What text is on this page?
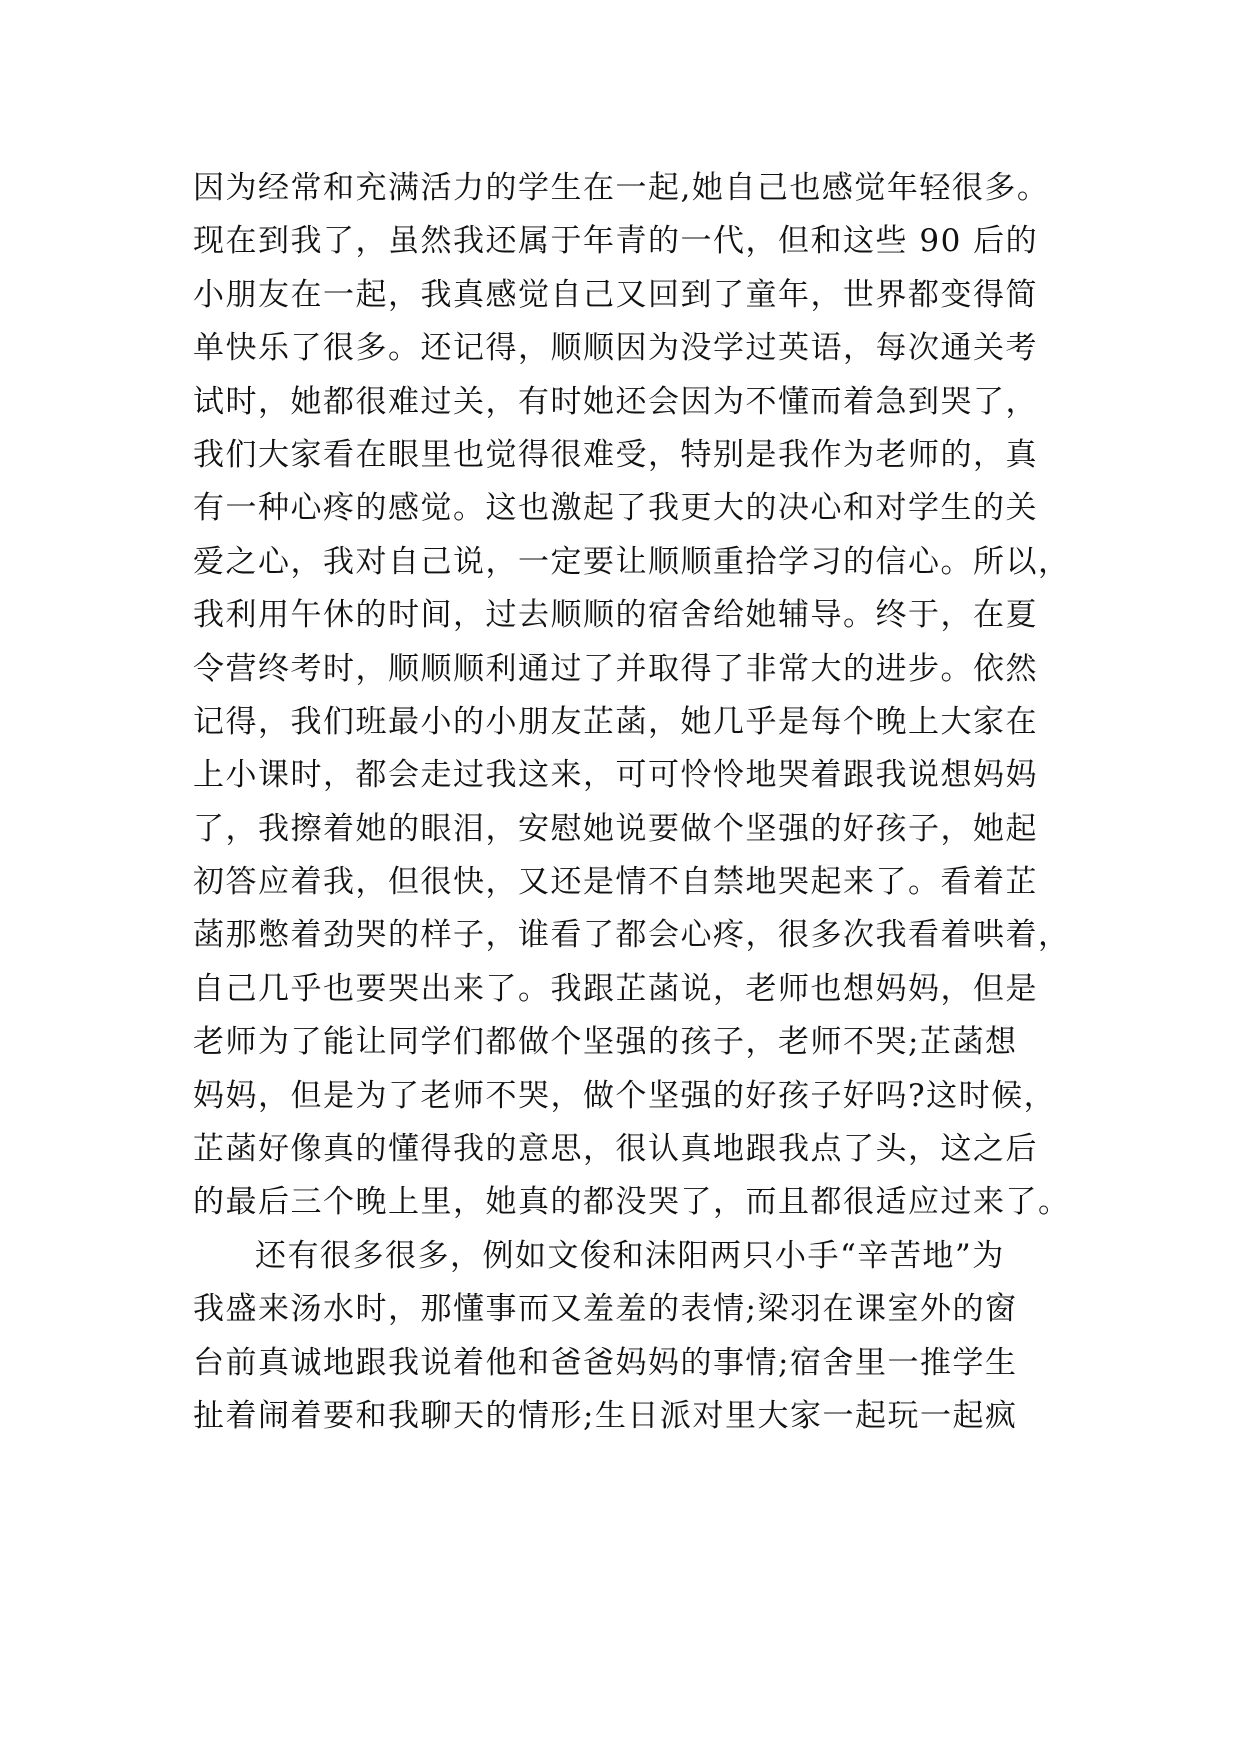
因为经常和充满活力的学生在一起,她自己也感觉年轻很多。
现在到我了，虽然我还属于年青的一代，但和这些 90 后的
小朋友在一起，我真感觉自己又回到了童年，世界都变得简
单快乐了很多。还记得，顺顺因为没学过英语，每次通关考
试时，她都很难过关，有时她还会因为不懂而着急到哭了，
我们大家看在眼里也觉得很难受，特别是我作为老师的，真
有一种心疼的感觉。这也激起了我更大的决心和对学生的关
爱之心，我对自己说，一定要让顺顺重拾学习的信心。所以，
我利用午休的时间，过去顺顺的宿舍给她辅导。终于，在夏
令营终考时，顺顺顺利通过了并取得了非常大的进步。依然
记得，我们班最小的小朋友芷菡，她几乎是每个晚上大家在
上小课时，都会走过我这来，可可怜怜地哭着跟我说想妈妈
了，我擦着她的眼泪，安慰她说要做个坚强的好孩子，她起
初答应着我，但很快，又还是情不自禁地哭起来了。看着芷
菡那憋着劲哭的样子，谁看了都会心疼，很多次我看着哄着，
自己几乎也要哭出来了。我跟芷菡说，老师也想妈妈，但是
老师为了能让同学们都做个坚强的孩子，老师不哭;芷菡想
妈妈，但是为了老师不哭，做个坚强的好孩子好吗?这时候，
芷菡好像真的懂得我的意思，很认真地跟我点了头，这之后
的最后三个晚上里，她真的都没哭了，而且都很适应过来了。
还有很多很多，例如文俊和沫阳两只小手“辛苦地”为
我盛来汤水时，那懂事而又羞羞的表情;梁羽在课室外的窗
台前真诚地跟我说着他和爸爸妈妈的事情;宿舍里一推学生
扯着闹着要和我聊天的情形;生日派对里大家一起玩一起疯
